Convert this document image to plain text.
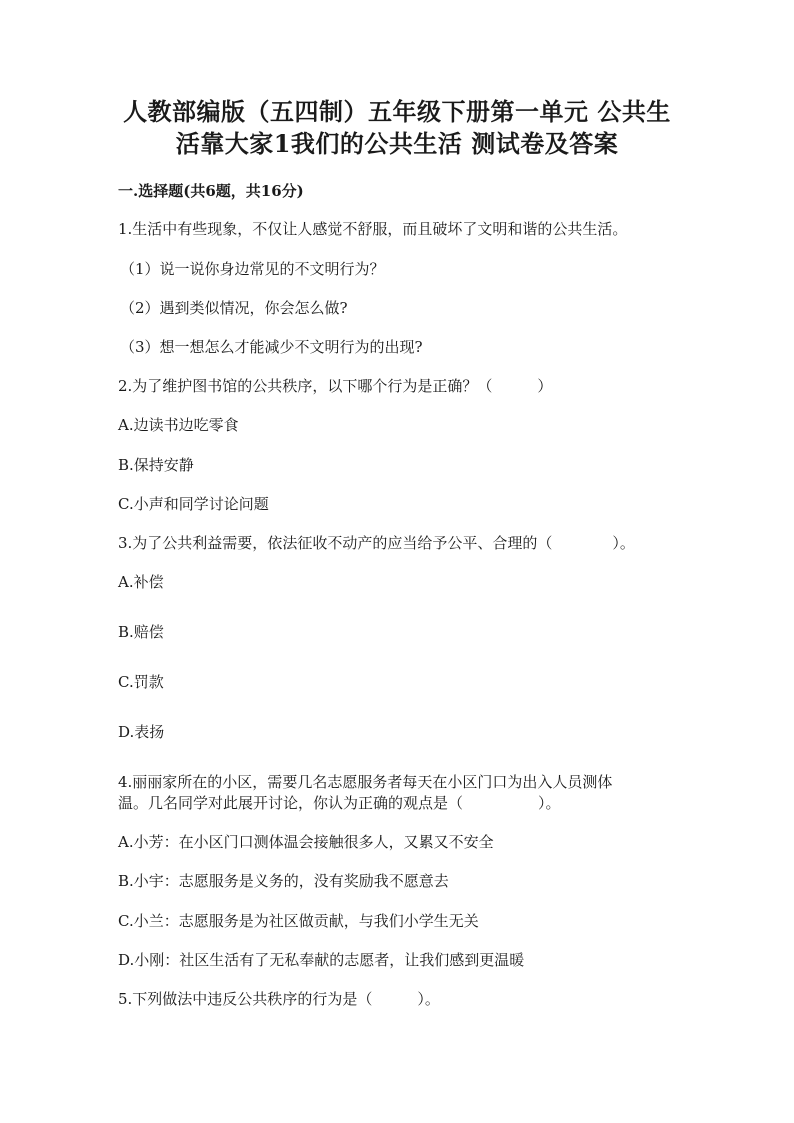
人教部编版（五四制）五年级下册第一单元 公共生
活靠大家1我们的公共生活 测试卷及答案
一.选择题(共6题，共16分)
1.生活中有些现象，不仅让人感觉不舒服，而且破坏了文明和谐的公共生活。
（1）说一说你身边常见的不文明行为？
（2）遇到类似情况，你会怎么做?
（3）想一想怎么才能减少不文明行为的出现?
2.为了维护图书馆的公共秩序，以下哪个行为是正确？（　　　）
A.边读书边吃零食
B.保持安静
C.小声和同学讨论问题
3.为了公共利益需要，依法征收不动产的应当给予公平、合理的（　　　　）。
A.补偿
B.赔偿
C.罚款
D.表扬
4.丽丽家所在的小区，需要几名志愿服务者每天在小区门口为出入人员测体
温。几名同学对此展开讨论，你认为正确的观点是（　　　　　）。
A.小芳：在小区门口测体温会接触很多人，又累又不安全
B.小宇：志愿服务是义务的，没有奖励我不愿意去
C.小兰：志愿服务是为社区做贡献，与我们小学生无关
D.小刚：社区生活有了无私奉献的志愿者，让我们感到更温暖
5.下列做法中违反公共秩序的行为是（　　　）。
